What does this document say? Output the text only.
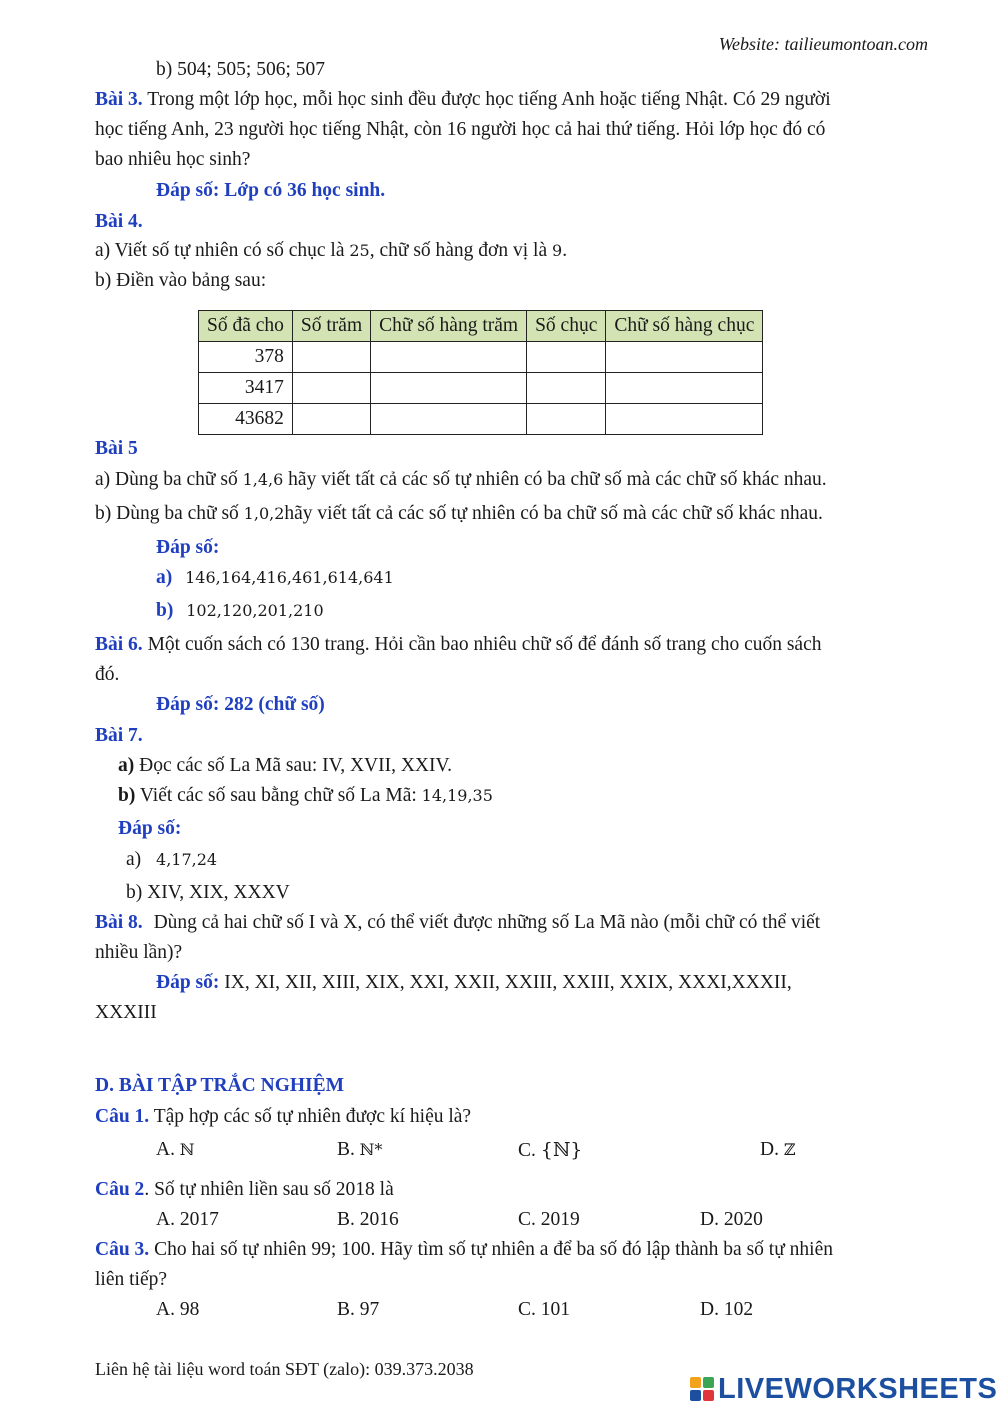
Website: tailieumontoan.com
b) 504; 505; 506; 507
Bài 3. Trong một lớp học, mỗi học sinh đều được học tiếng Anh hoặc tiếng Nhật. Có 29 người
học tiếng Anh, 23 người học tiếng Nhật, còn 16 người học cả hai thứ tiếng. Hỏi lớp học đó có
bao nhiêu học sinh?
Đáp số: Lớp có 36 học sinh.
Bài 4.
a) Viết số tự nhiên có số chục là 25, chữ số hàng đơn vị là 9.
b) Điền vào bảng sau:
Số đã cho	Số trăm	Chữ số hàng trăm	Số chục	Chữ số hàng chục
378				
3417				
43682				
Bài 5
a) Dùng ba chữ số 1,4,6 hãy viết tất cả các số tự nhiên có ba chữ số mà các chữ số khác nhau.
b) Dùng ba chữ số 1,0,2hãy viết tất cả các số tự nhiên có ba chữ số mà các chữ số khác nhau.
Đáp số:
a) 146,164,416,461,614,641
b) 102,120,201,210
Bài 6. Một cuốn sách có 130 trang. Hỏi cần bao nhiêu chữ số để đánh số trang cho cuốn sách
đó.
Đáp số: 282 (chữ số)
Bài 7.
a) Đọc các số La Mã sau: IV, XVII, XXIV.
b) Viết các số sau bằng chữ số La Mã: 14,19,35
Đáp số:
a) 4,17,24
b) XIV, XIX, XXXV
Bài 8. Dùng cả hai chữ số I và X, có thể viết được những số La Mã nào (mỗi chữ có thể viết
nhiều lần)?
Đáp số: IX, XI, XII, XIII, XIX, XXI, XXII, XXIII, XXIII, XXIX, XXXI,XXXII,
XXXIII
D. BÀI TẬP TRẮC NGHIỆM
Câu 1. Tập hợp các số tự nhiên được kí hiệu là?
A. ℕ	B. ℕ*	C. {ℕ}	D. ℤ
Câu 2. Số tự nhiên liền sau số 2018 là
A. 2017	B. 2016	C. 2019	D. 2020
Câu 3. Cho hai số tự nhiên 99; 100. Hãy tìm số tự nhiên a để ba số đó lập thành ba số tự nhiên
liên tiếp?
A. 98	B. 97	C. 101	D. 102
Liên hệ tài liệu word toán SĐT (zalo): 039.373.2038
LIVEWORKSHEETS
